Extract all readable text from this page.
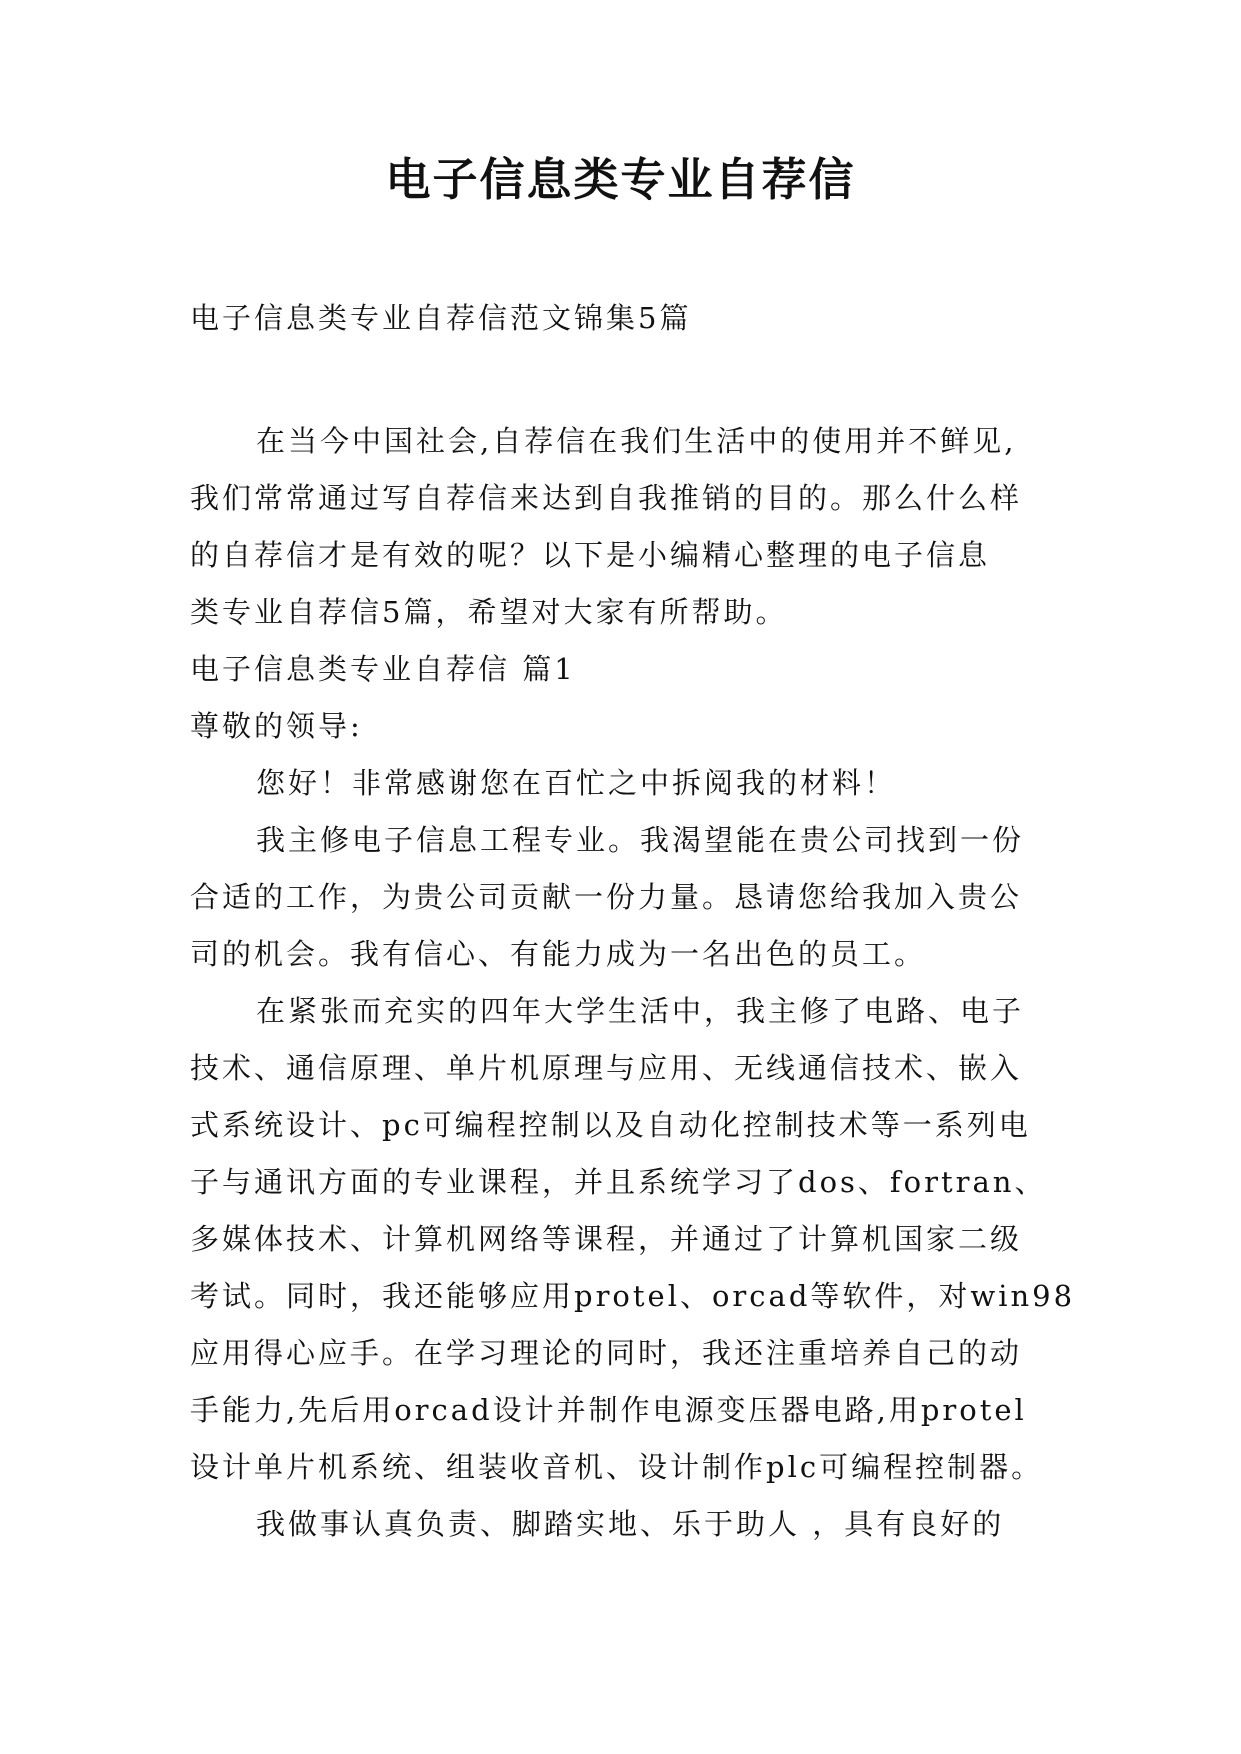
电子信息类专业自荐信

电子信息类专业自荐信范文锦集5篇

在当今中国社会,自荐信在我们生活中的使用并不鲜见,

我们常常通过写自荐信来达到自我推销的目的。那么什么样

的自荐信才是有效的呢？以下是小编精心整理的电子信息

类专业自荐信5篇，希望对大家有所帮助。

电子信息类专业自荐信 篇1

尊敬的领导:

您好！非常感谢您在百忙之中拆阅我的材料！

我主修电子信息工程专业。我渴望能在贵公司找到一份

合适的工作，为贵公司贡献一份力量。恳请您给我加入贵公

司的机会。我有信心、有能力成为一名出色的员工。

在紧张而充实的四年大学生活中，我主修了电路、电子

技术、通信原理、单片机原理与应用、无线通信技术、嵌入

式系统设计、pc可编程控制以及自动化控制技术等一系列电

子与通讯方面的专业课程，并且系统学习了dos、fortran、

多媒体技术、计算机网络等课程，并通过了计算机国家二级

考试。同时，我还能够应用protel、orcad等软件，对win98

应用得心应手。在学习理论的同时，我还注重培养自己的动

手能力,先后用orcad设计并制作电源变压器电路,用protel

设计单片机系统、组装收音机、设计制作plc可编程控制器。

我做事认真负责、脚踏实地、乐于助人 ，具有良好的
